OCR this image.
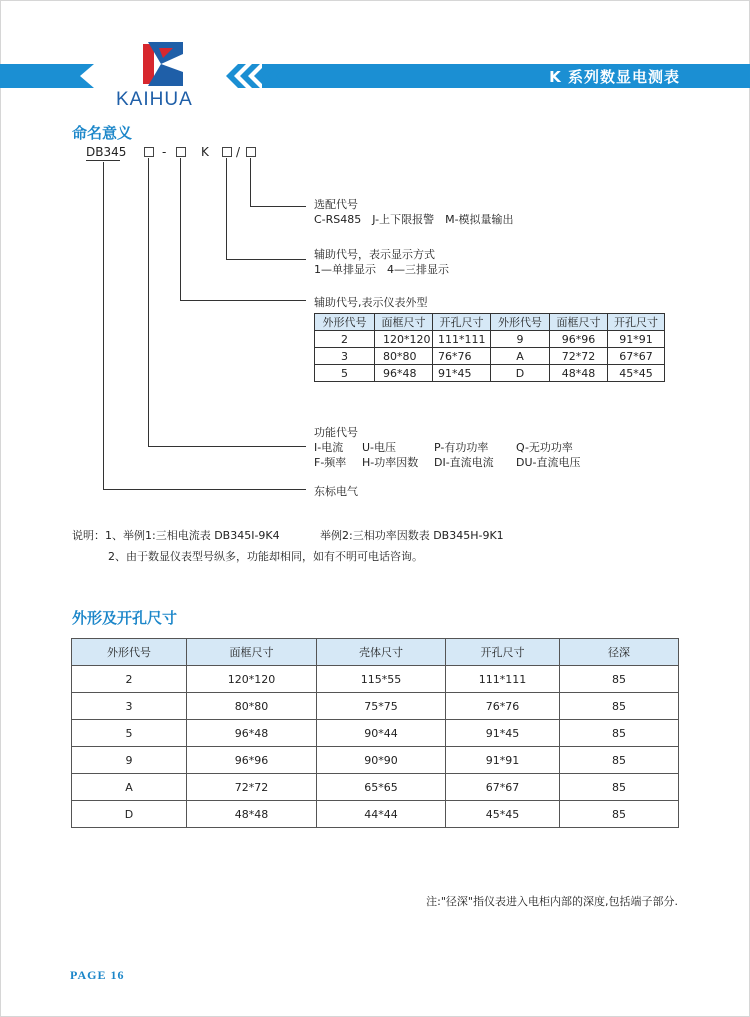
K 系列数显电测表
KAIHUA
命名意义
DB345	-	K /
选配代号
C-RS485　J-上下限报警　M-模拟量输出
辅助代号，表示显示方式
1—单排显示　4—三排显示
辅助代号,表示仪表外型
外形代号	面框尺寸	开孔尺寸	外形代号	面框尺寸	开孔尺寸
2	120*120	111*111	9	96*96	91*91
3	80*80	76*76	A	72*72	67*67
5	96*48	91*45	D	48*48	45*45
功能代号
I-电流 U-电压	P-有功功率	Q-无功功率
F-频率 H-功率因数 DI-直流电流 DU-直流电压
东标电气
说明：1、举例1:三相电流表 DB345I-9K4	举例2:三相功率因数表 DB345H-9K1
2、由于数显仪表型号纵多，功能却相同，如有不明可电话咨询。
外形及开孔尺寸
外形代号	面框尺寸	壳体尺寸	开孔尺寸	径深
2	120*120	115*55	111*111	85
3	80*80	75*75	76*76	85
5	96*48	90*44	91*45	85
9	96*96	90*90	91*91	85
A	72*72	65*65	67*67	85
D	48*48	44*44	45*45	85
注:"径深"指仪表进入电柜内部的深度,包括端子部分.
PAGE 16
